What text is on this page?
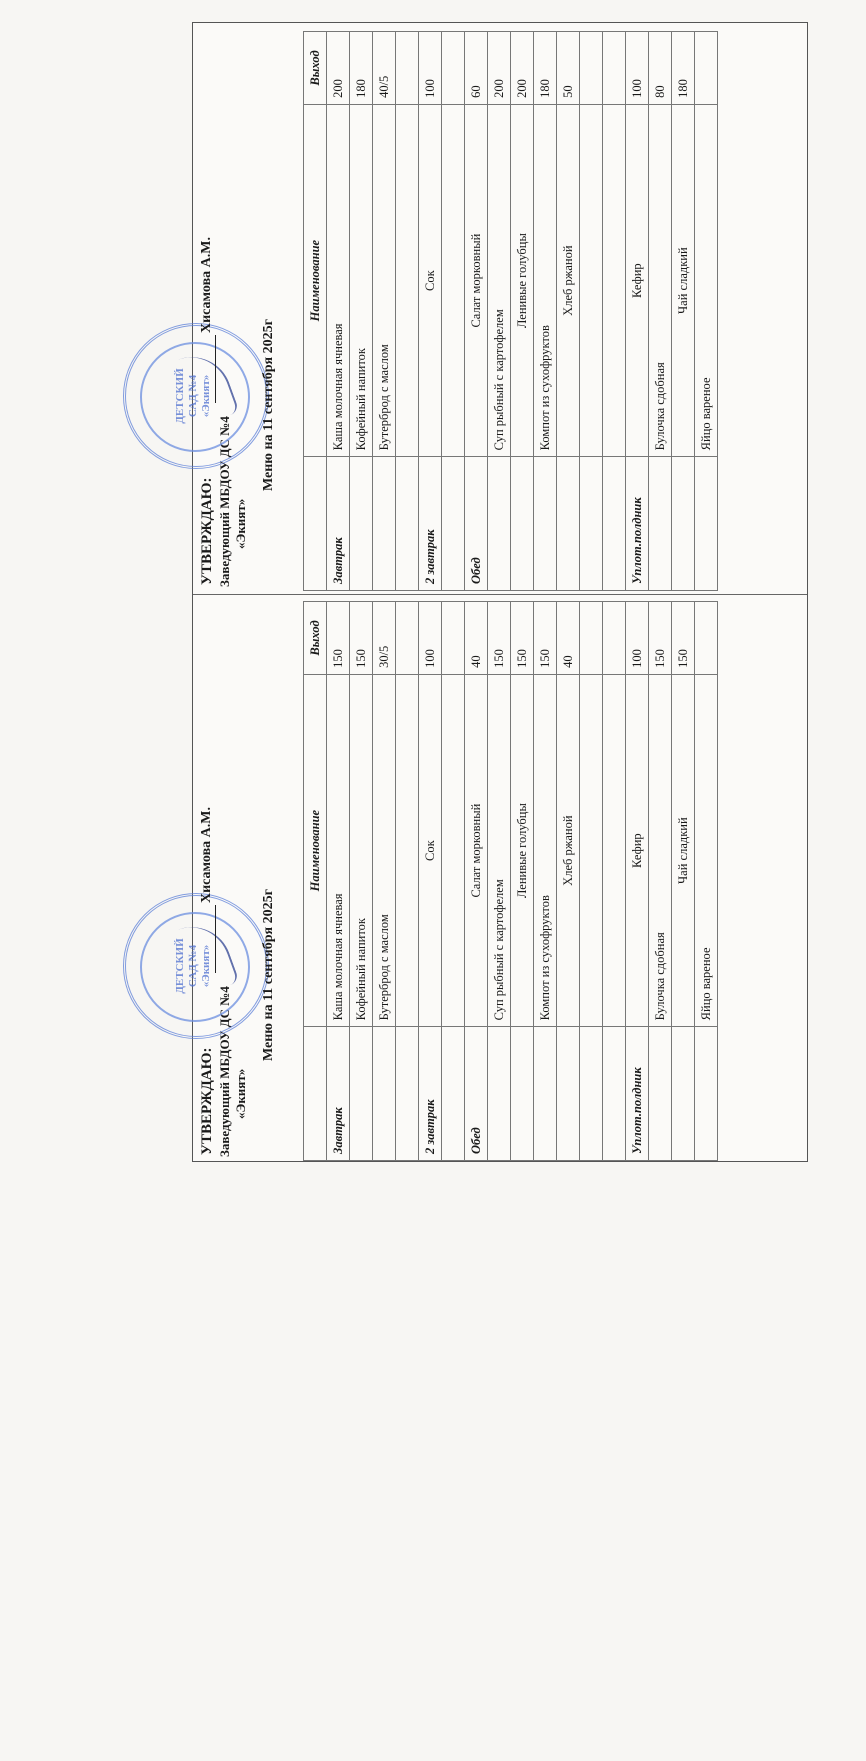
УТВЕРЖДАЮ: Заведующий МБДОУ ДС №4 «Экият»
ДЕТСКИЙ САД №4 «Экият»
Хисамова А.М.
Меню на 11 сентября 2025г
	Наименование	Выход
Завтрак	Каша молочная ячневая	150
	Кофейный напиток	150
	Бутерброд с маслом	30/5

2 завтрак	Сок	100

Обед	Салат морковный	40
	Суп рыбный с картофелем	150
	Ленивые голубцы	150
	Компот из сухофруктов	150
	Хлеб ржаной	40

Уплот.полдник	Кефир	100
	Булочка сдобная	150
	Чай сладкий	150
	Яйцо вареное	
УТВЕРЖДАЮ: Заведующий МБДОУ ДС №4 «Экият»
ДЕТСКИЙ САД №4 «Экият»
Хисамова А.М.
Меню на 11 сентября 2025г
	Наименование	Выход
Завтрак	Каша молочная ячневая	200
	Кофейный напиток	180
	Бутерброд с маслом	40/5

2 завтрак	Сок	100

Обед	Салат морковный	60
	Суп рыбный с картофелем	200
	Ленивые голубцы	200
	Компот из сухофруктов	180
	Хлеб ржаной	50

Уплот.полдник	Кефир	100
	Булочка сдобная	80
	Чай сладкий	180
	Яйцо вареное	
